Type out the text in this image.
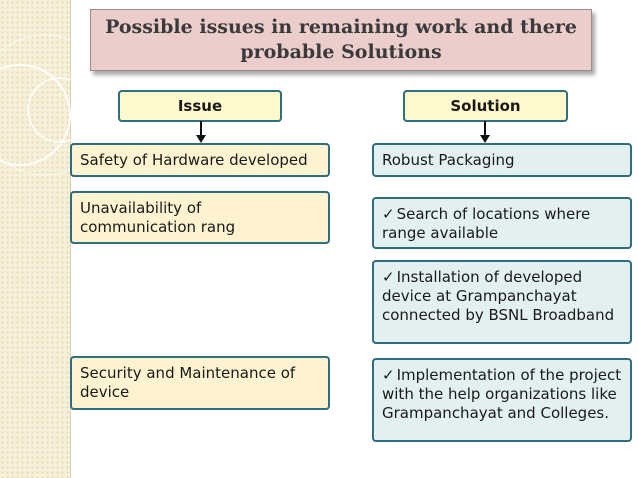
Possible issues in remaining work and there probable Solutions
Issue	Solution
Safety of Hardware developed
Unavailability of communication rang
Security and Maintenance of device
Robust Packaging
✓ Search of locations where range available
✓ Installation of developed device at Grampanchayat connected by BSNL Broadband
✓ Implementation of the project with the help organizations like Grampanchayat and Colleges.
